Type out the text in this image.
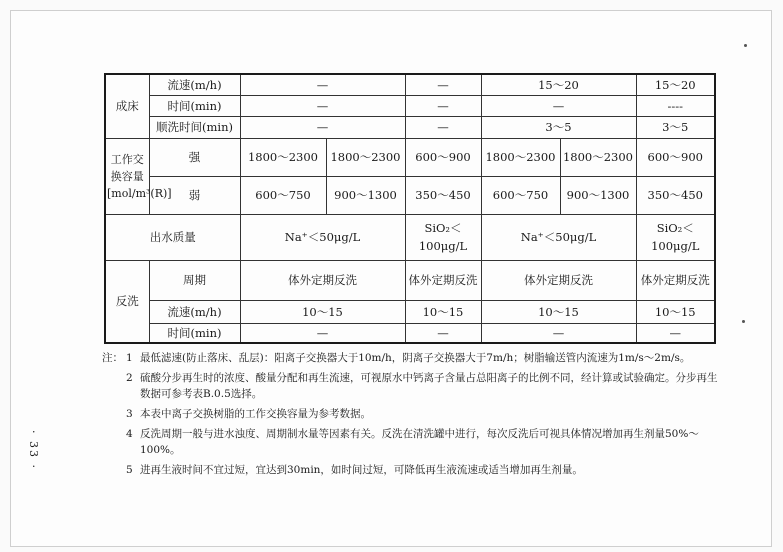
成床	流速(m/h)	—		—	15～20		15～20
	时间(min)	—		—	—		----
	顺洗时间(min)	—		—	3～5		3～5
工作交换容量[mol/m³(R)]	强	1800～2300	1800～2300	600～900	1800～2300	1800～2300	600～900
	弱	600～750	900～1300	350～450	600～750	900～1300	350～450
出水质量		Na⁺＜50μg/L		SiO₂＜100μg/L	Na⁺＜50μg/L		SiO₂＜100μg/L
反洗	周期	体外定期反洗		体外定期反洗	体外定期反洗		体外定期反洗
	流速(m/h)	10～15		10～15	10～15		10～15
	时间(min)	—		—	—		—
注： 1 最低滤速(防止落床、乱层)：阳离子交换器大于10m/h，阴离子交换器大于7m/h；树脂输送管内流速为1m/s～2m/s。
2 硫酸分步再生时的浓度、酸量分配和再生流速，可视原水中钙离子含量占总阳离子的比例不同，经计算或试验确定。分步再生数据可参考表B.0.5选择。
3 本表中离子交换树脂的工作交换容量为参考数据。
4 反洗周期一般与进水浊度、周期制水量等因素有关。反洗在清洗罐中进行，每次反洗后可视具体情况增加再生剂量50%～100%。
5 进再生液时间不宜过短，宜达到30min，如时间过短，可降低再生液流速或适当增加再生剂量。
· 33 ·
